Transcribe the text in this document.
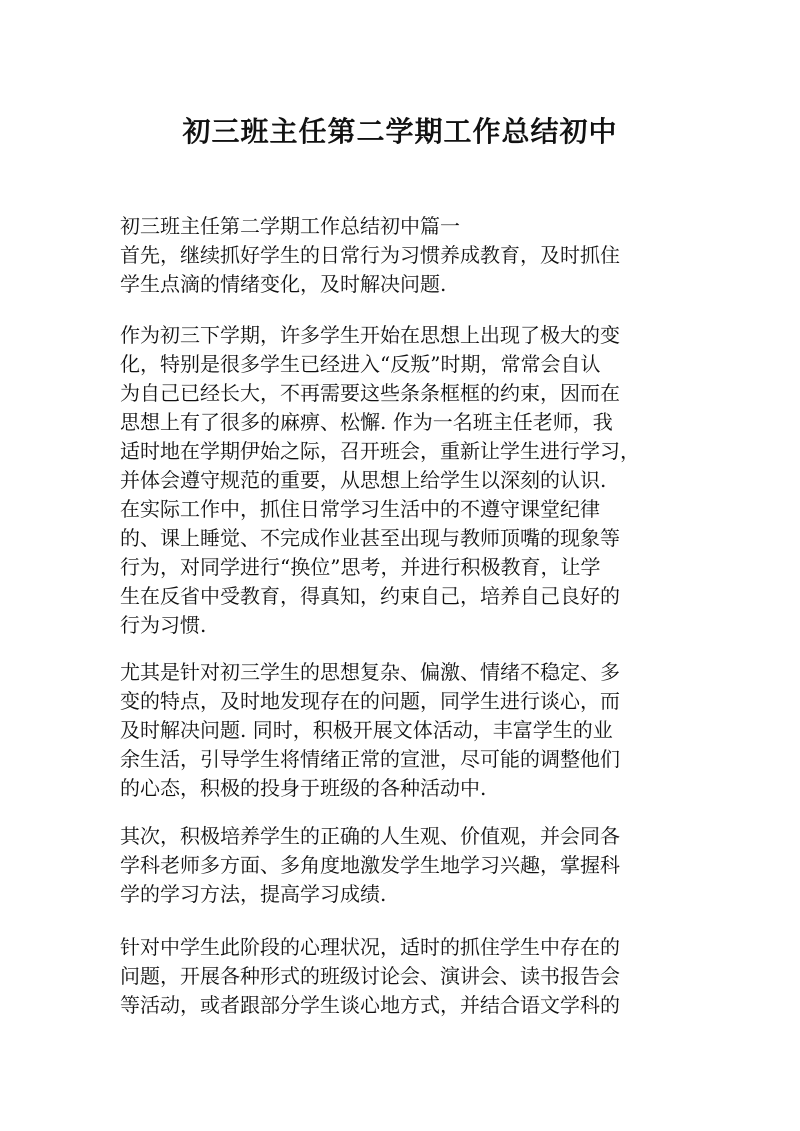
初三班主任第二学期工作总结初中
初三班主任第二学期工作总结初中篇一
首先，继续抓好学生的日常行为习惯养成教育，及时抓住
学生点滴的情绪变化，及时解决问题.
作为初三下学期，许多学生开始在思想上出现了极大的变
化，特别是很多学生已经进入“反叛”时期，常常会自认
为自己已经长大，不再需要这些条条框框的约束，因而在
思想上有了很多的麻痹、松懈. 作为一名班主任老师，我
适时地在学期伊始之际，召开班会，重新让学生进行学习，
并体会遵守规范的重要，从思想上给学生以深刻的认识.
在实际工作中，抓住日常学习生活中的不遵守课堂纪律
的、课上睡觉、不完成作业甚至出现与教师顶嘴的现象等
行为，对同学进行“换位”思考，并进行积极教育，让学
生在反省中受教育，得真知，约束自己，培养自己良好的
行为习惯.
尤其是针对初三学生的思想复杂、偏激、情绪不稳定、多
变的特点，及时地发现存在的问题，同学生进行谈心，而
及时解决问题. 同时，积极开展文体活动，丰富学生的业
余生活，引导学生将情绪正常的宣泄，尽可能的调整他们
的心态，积极的投身于班级的各种活动中.
其次，积极培养学生的正确的人生观、价值观，并会同各
学科老师多方面、多角度地激发学生地学习兴趣，掌握科
学的学习方法，提高学习成绩.
针对中学生此阶段的心理状况，适时的抓住学生中存在的
问题，开展各种形式的班级讨论会、演讲会、读书报告会
等活动，或者跟部分学生谈心地方式，并结合语文学科的
